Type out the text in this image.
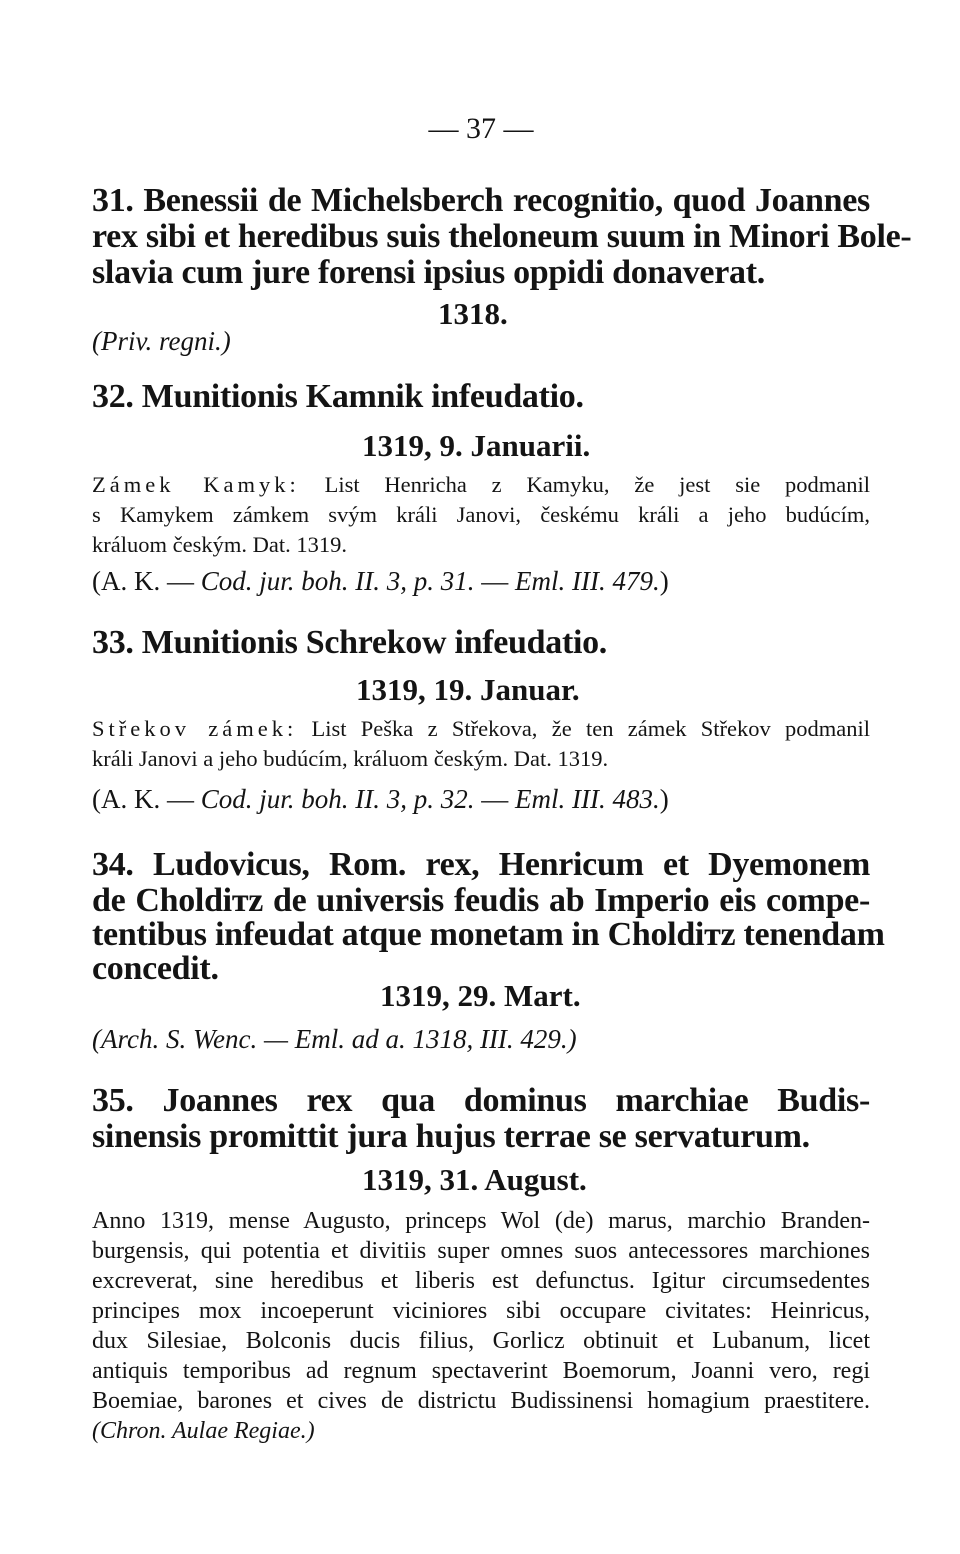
— 37 —
31. Benessii de Michelsberch recognitio, quod Joannes
rex sibi et heredibus suis theloneum suum in Minori Bole-
slavia cum jure forensi ipsius oppidi donaverat.
1318.
(Priv. regni.)
32. Munitionis Kamnik infeudatio.
1319, 9. Januarii.
Zámek Kamyk: List Henricha z Kamyku, že jest sie podmanil
s Kamykem zámkem svým králi Janovi, českému králi a jeho budúcím,
králuom českým. Dat. 1319.
(A. K. — Cod. jur. boh. II. 3, p. 31. — Eml. III. 479.)
33. Munitionis Schrekow infeudatio.
1319, 19. Januar.
Střekov zámek: List Peška z Střekova, že ten zámek Střekov podmanil
králi Janovi a jeho budúcím, králuom českým. Dat. 1319.
(A. K. — Cod. jur. boh. II. 3, p. 32. — Eml. III. 483.)
34. Ludovicus, Rom. rex, Henricum et Dyemonem
de Choldiтz de universis feudis ab Imperio eis compe-
tentibus infeudat atque monetam in Choldiтz tenendam
concedit.
1319, 29. Mart.
(Arch. S. Wenc. — Eml. ad a. 1318, III. 429.)
35. Joannes rex qua dominus marchiae Budis-
sinensis promittit jura hujus terrae se servaturum.
1319, 31. August.
Anno 1319, mense Augusto, princeps Wol (de) marus, marchio Branden-
burgensis, qui potentia et divitiis super omnes suos antecessores marchiones
excreverat, sine heredibus et liberis est defunctus. Igitur circumsedentes
principes mox incoeperunt viciniores sibi occupare civitates: Heinricus,
dux Silesiae, Bolconis ducis filius, Gorlicz obtinuit et Lubanum, licet
antiquis temporibus ad regnum spectaverint Boemorum, Joanni vero, regi
Boemiae, barones et cives de districtu Budissinensi homagium praestitere.
(Chron. Aulae Regiae.)
